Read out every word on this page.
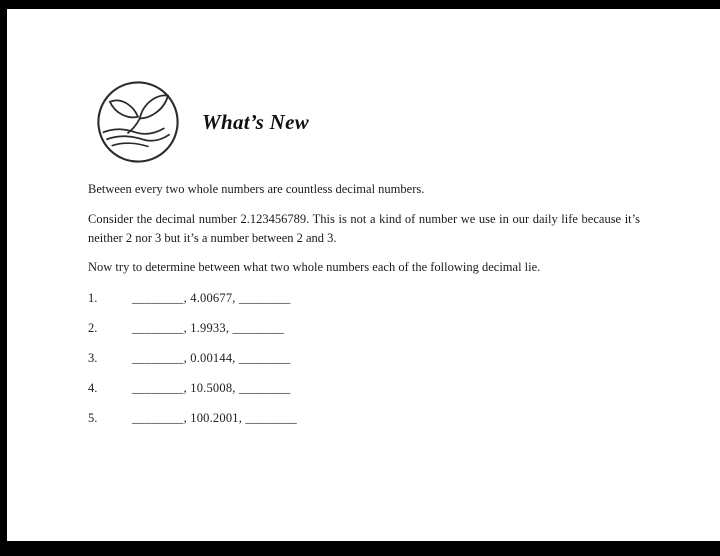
What’s New

Between every two whole numbers are countless decimal numbers.

Consider the decimal number 2.123456789. This is not a kind of number we use in our daily life because it’s neither 2 nor 3 but it’s a number between 2 and 3.

Now try to determine between what two whole numbers each of the following decimal lie.

1.	________, 4.00677, ________
2.	________, 1.9933, ________
3.	________, 0.00144, ________
4.	________, 10.5008, ________
5.	________, 100.2001, ________
